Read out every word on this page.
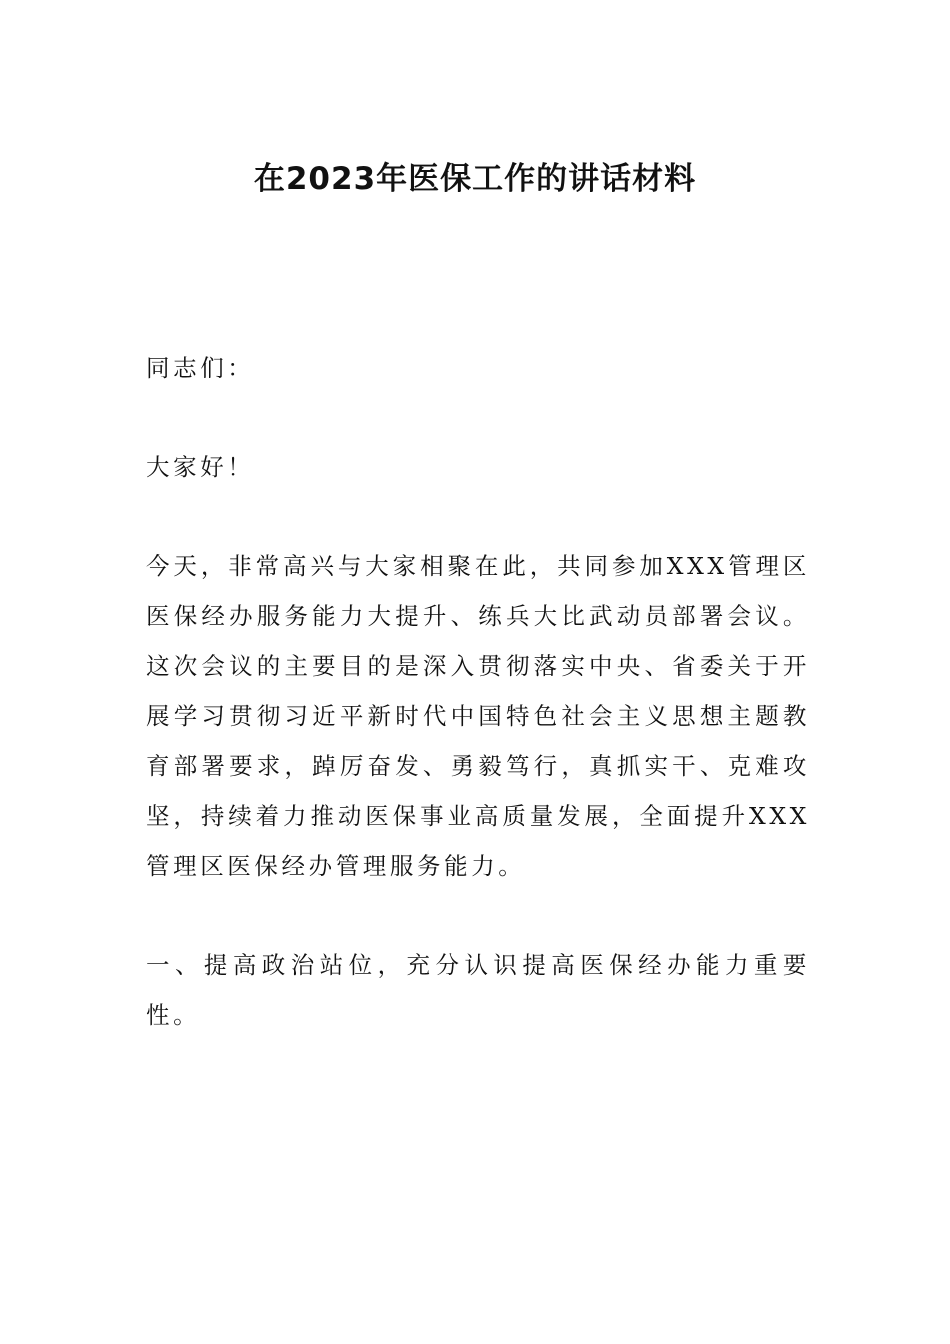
在2023年医保工作的讲话材料

同志们：

大家好！

今天，非常高兴与大家相聚在此，共同参加XXX管理区医保经办服务能力大提升、练兵大比武动员部署会议。这次会议的主要目的是深入贯彻落实中央、省委关于开展学习贯彻习近平新时代中国特色社会主义思想主题教育部署要求，踔厉奋发、勇毅笃行，真抓实干、克难攻坚，持续着力推动医保事业高质量发展，全面提升XXX管理区医保经办管理服务能力。

一、提高政治站位，充分认识提高医保经办能力重要性。
